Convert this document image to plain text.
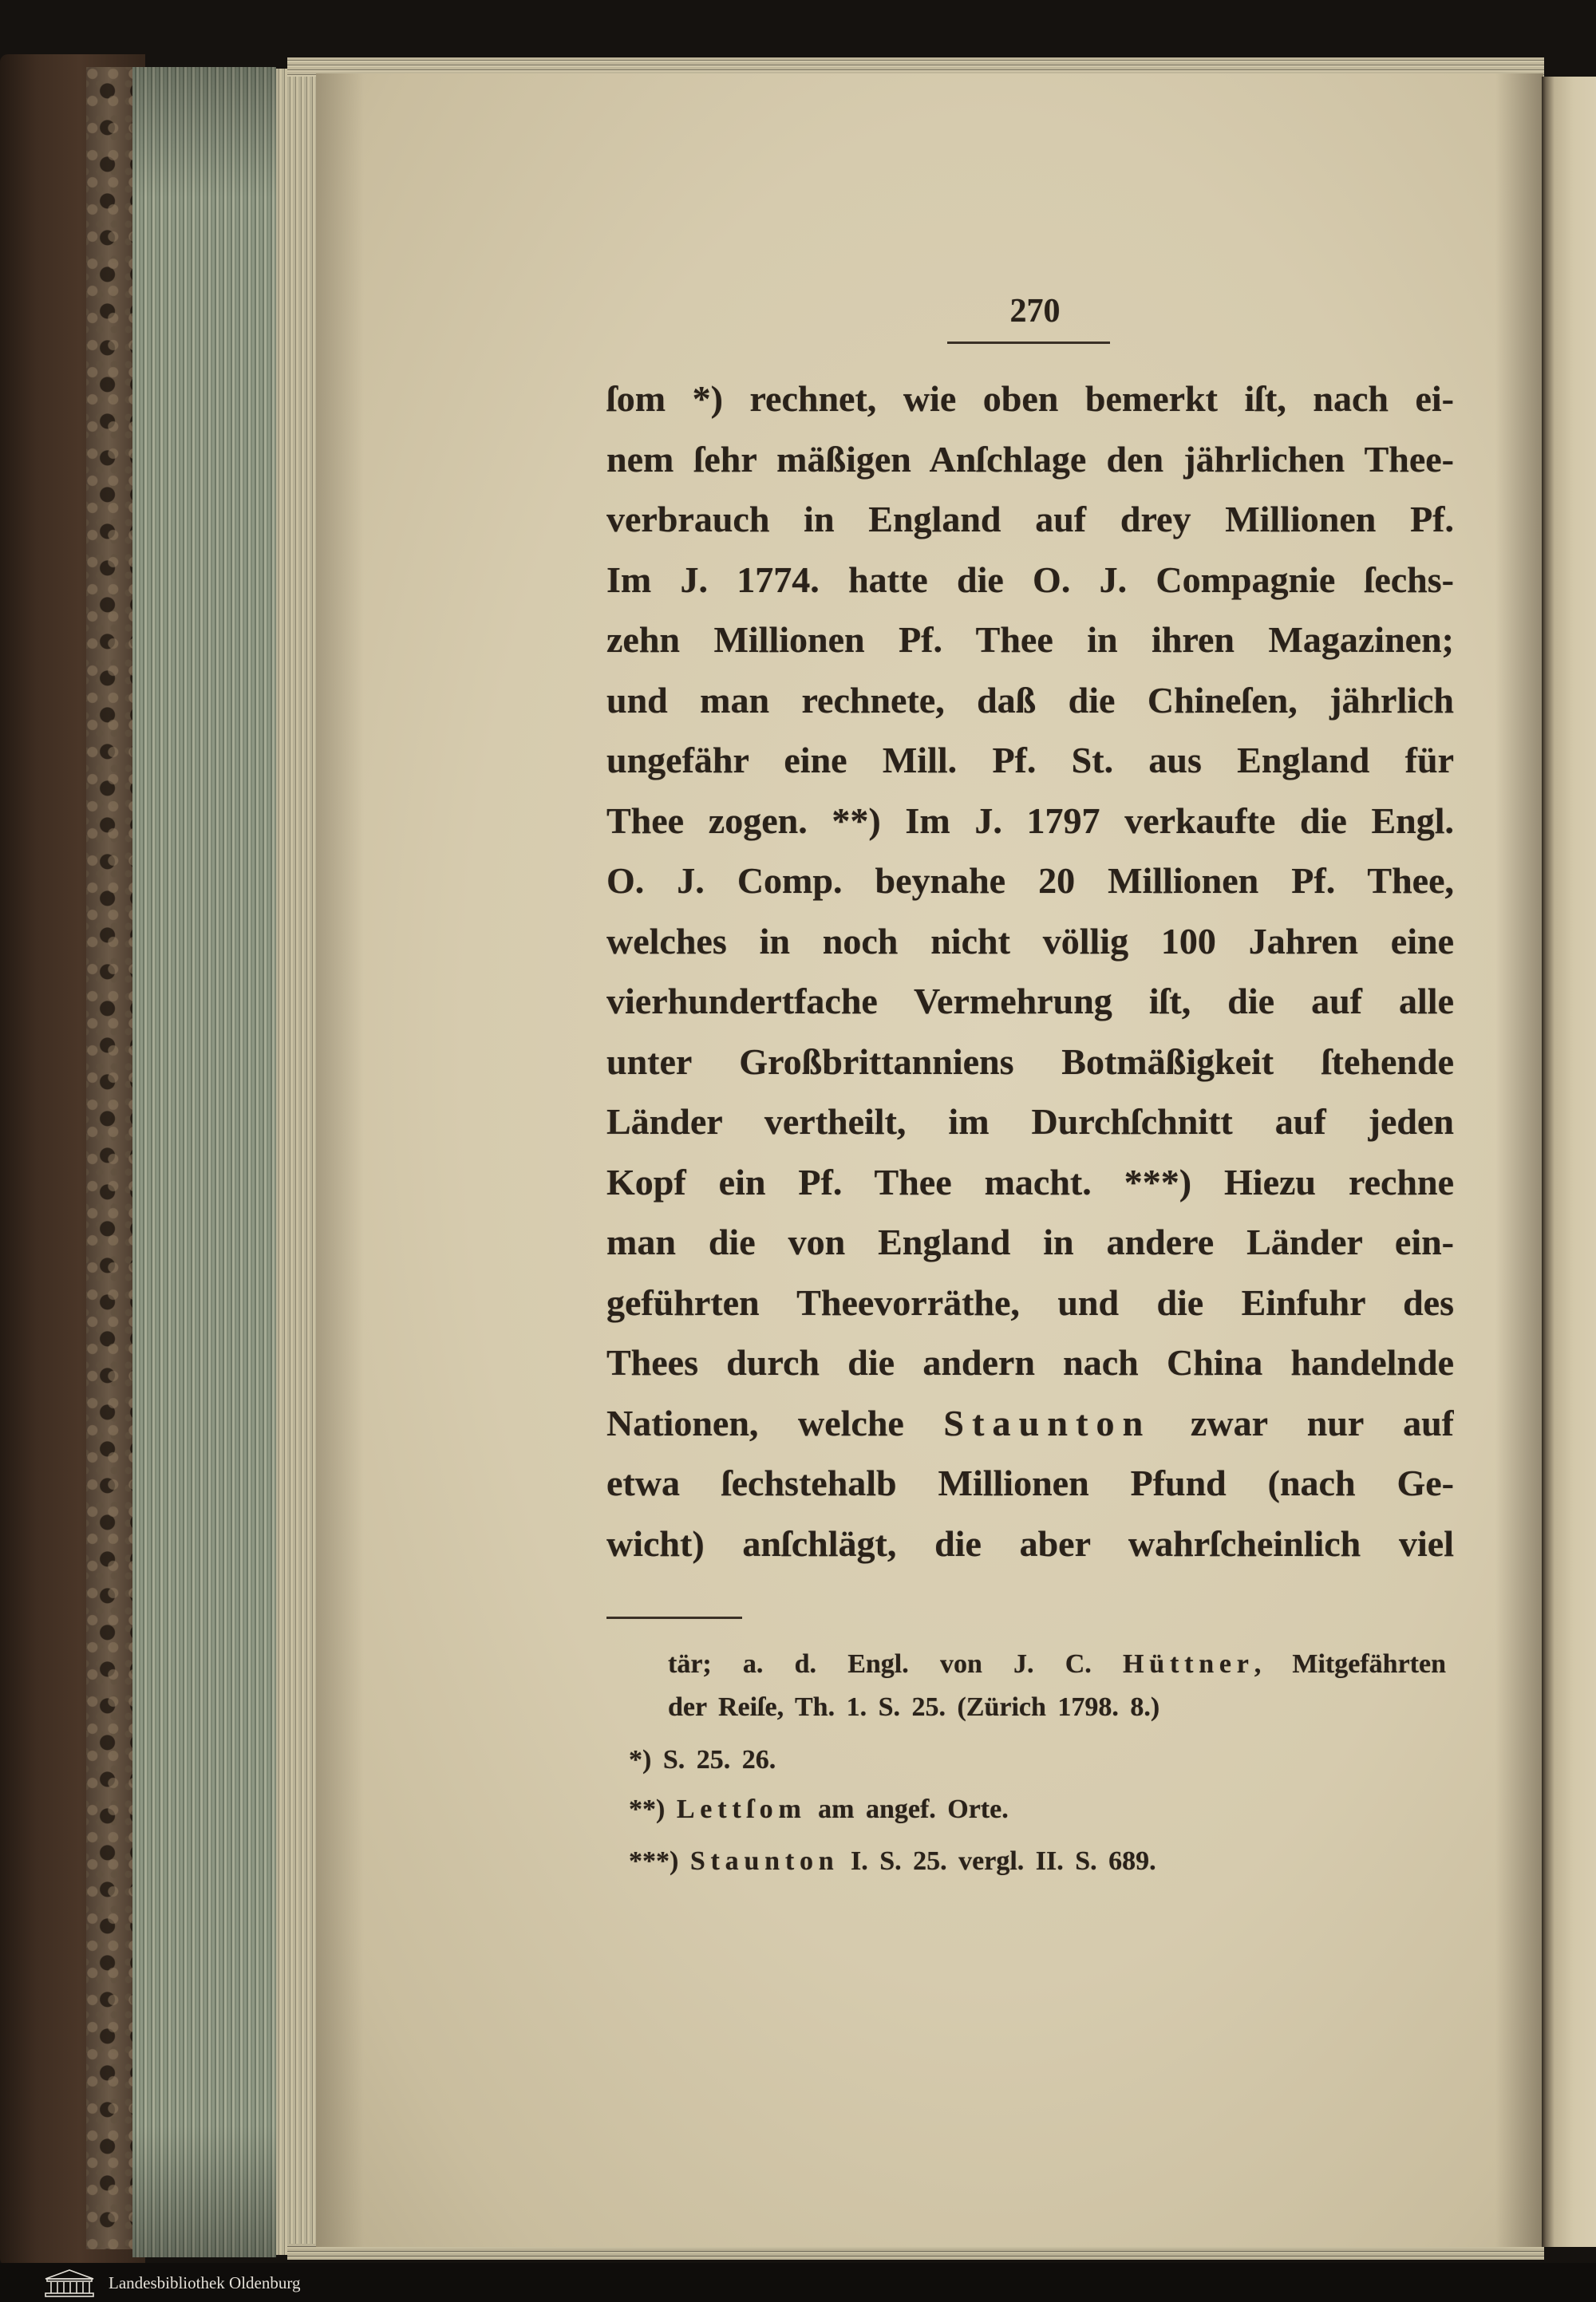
270
ſom *) rechnet, wie oben bemerkt iſt, nach ei-
nem ſehr mäßigen Anſchlage den jährlichen Thee-
verbrauch in England auf drey Millionen Pf.
Im J. 1774. hatte die O. J. Compagnie ſechs-
zehn Millionen Pf. Thee in ihren Magazinen;
und man rechnete, daß die Chineſen, jährlich
ungefähr eine Mill. Pf. St. aus England für
Thee zogen. **) Im J. 1797 verkaufte die Engl.
O. J. Comp. beynahe 20 Millionen Pf. Thee,
welches in noch nicht völlig 100 Jahren eine
vierhundertfache Vermehrung iſt, die auf alle
unter Großbrittanniens Botmäßigkeit ſtehende
Länder vertheilt, im Durchſchnitt auf jeden
Kopf ein Pf. Thee macht. ***) Hiezu rechne
man die von England in andere Länder ein-
geführten Theevorräthe, und die Einfuhr des
Thees durch die andern nach China handelnde
Nationen, welche Staunton zwar nur auf
etwa ſechstehalb Millionen Pfund (nach Ge-
wicht) anſchlägt, die aber wahrſcheinlich viel
tär; a. d. Engl. von J. C. Hüttner, Mitgefährten
der Reiſe, Th. 1. S. 25. (Zürich 1798. 8.)
*) S. 25. 26.
**) Lettſom am angef. Orte.
***) Staunton I. S. 25. vergl. II. S. 689.
Landesbibliothek Oldenburg
